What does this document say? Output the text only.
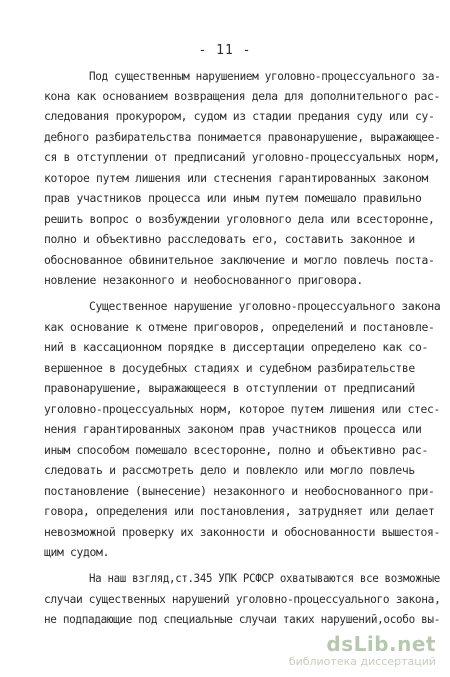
- 11 -
Под существенным нарушением уголовно-процессуального за-
кона как основанием возвращения дела для дополнительного рас-
следования прокурором, судом из стадии предания суду или су-
дебного разбирательства понимается правонарушение, выражающее-
ся в отступлении от предписаний уголовно-процессуальных норм,
которое путем лишения или стеснения гарантированных законом
прав участников процесса или иным путем помешало правильно
решить вопрос о возбуждении уголовного дела или всесторонне,
полно и объективно расследовать его, составить законное и
обоснованное обвинительное заключение и могло повлечь поста-
новление незаконного и необоснованного приговора.
Существенное нарушение уголовно-процессуального закона
как основание к отмене приговоров, определений и постановле-
ний в кассационном порядке в диссертации определено как со-
вершенное в досудебных стадиях и судебном разбирательстве
правонарушение, выражающееся в отступлении от предписаний
уголовно-процессуальных норм, которое путем лишения или стес-
нения гарантированных законом прав участников процесса или
иным способом помешало всесторонне, полно и объективно рас-
следовать и рассмотреть дело и повлекло или могло повлечь
постановление (вынесение) незаконного и необоснованного при-
говора, определения или постановления, затрудняет или делает
невозможной проверку их законности и обоснованности вышестоя-
щим судом.
На наш взгляд,ст.345 УПК РСФСР охватываются все возможные
случаи существенных нарушений уголовно-процессуального закона,
не подпадающие под специальные случаи таких нарушений,особо вы-
dsLib.net
библиотека диссертаций
